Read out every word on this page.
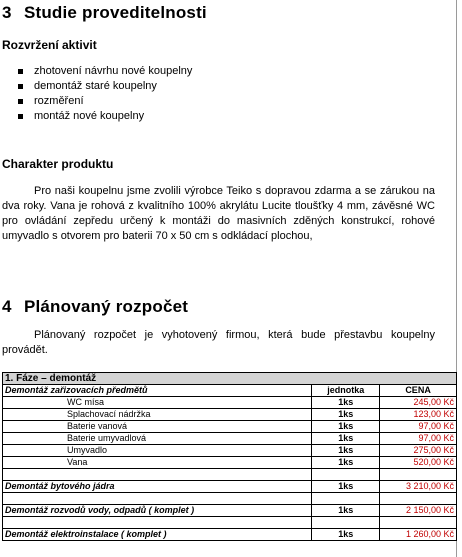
3 Studie proveditelnosti
Rozvržení aktivit
zhotovení návrhu nové koupelny
demontáž staré koupelny
rozměření
montáž nové koupelny
Charakter produktu
Pro naši koupelnu jsme zvolili výrobce Teiko s dopravou zdarma a se zárukou na dva roky. Vana je rohová z kvalitního 100% akrylátu Lucite tloušťky 4 mm, závěsné WC pro ovládání zepředu určený k montáži do masivních zděných konstrukcí, rohové umyvadlo s otvorem pro baterii 70 x 50 cm s odkládací plochou,
4 Plánovaný rozpočet
Plánovaný rozpočet je vyhotovený firmou, která bude přestavbu koupelny provádět.
1. Fáze – demontáž		
Demontáž zařizovacích předmětů	jednotka	CENA
WC mísa	1ks	245,00 Kč
Splachovací nádržka	1ks	123,00 Kč
Baterie vanová	1ks	97,00 Kč
Baterie umyvadlová	1ks	97,00 Kč
Umyvadlo	1ks	275,00 Kč
Vana	1ks	520,00 Kč

Demontáž bytového jádra	1ks	3 210,00 Kč

Demontáž rozvodů vody, odpadů ( komplet )	1ks	2 150,00 Kč

Demontáž elektroinstalace ( komplet )	1ks	1 260,00 Kč
